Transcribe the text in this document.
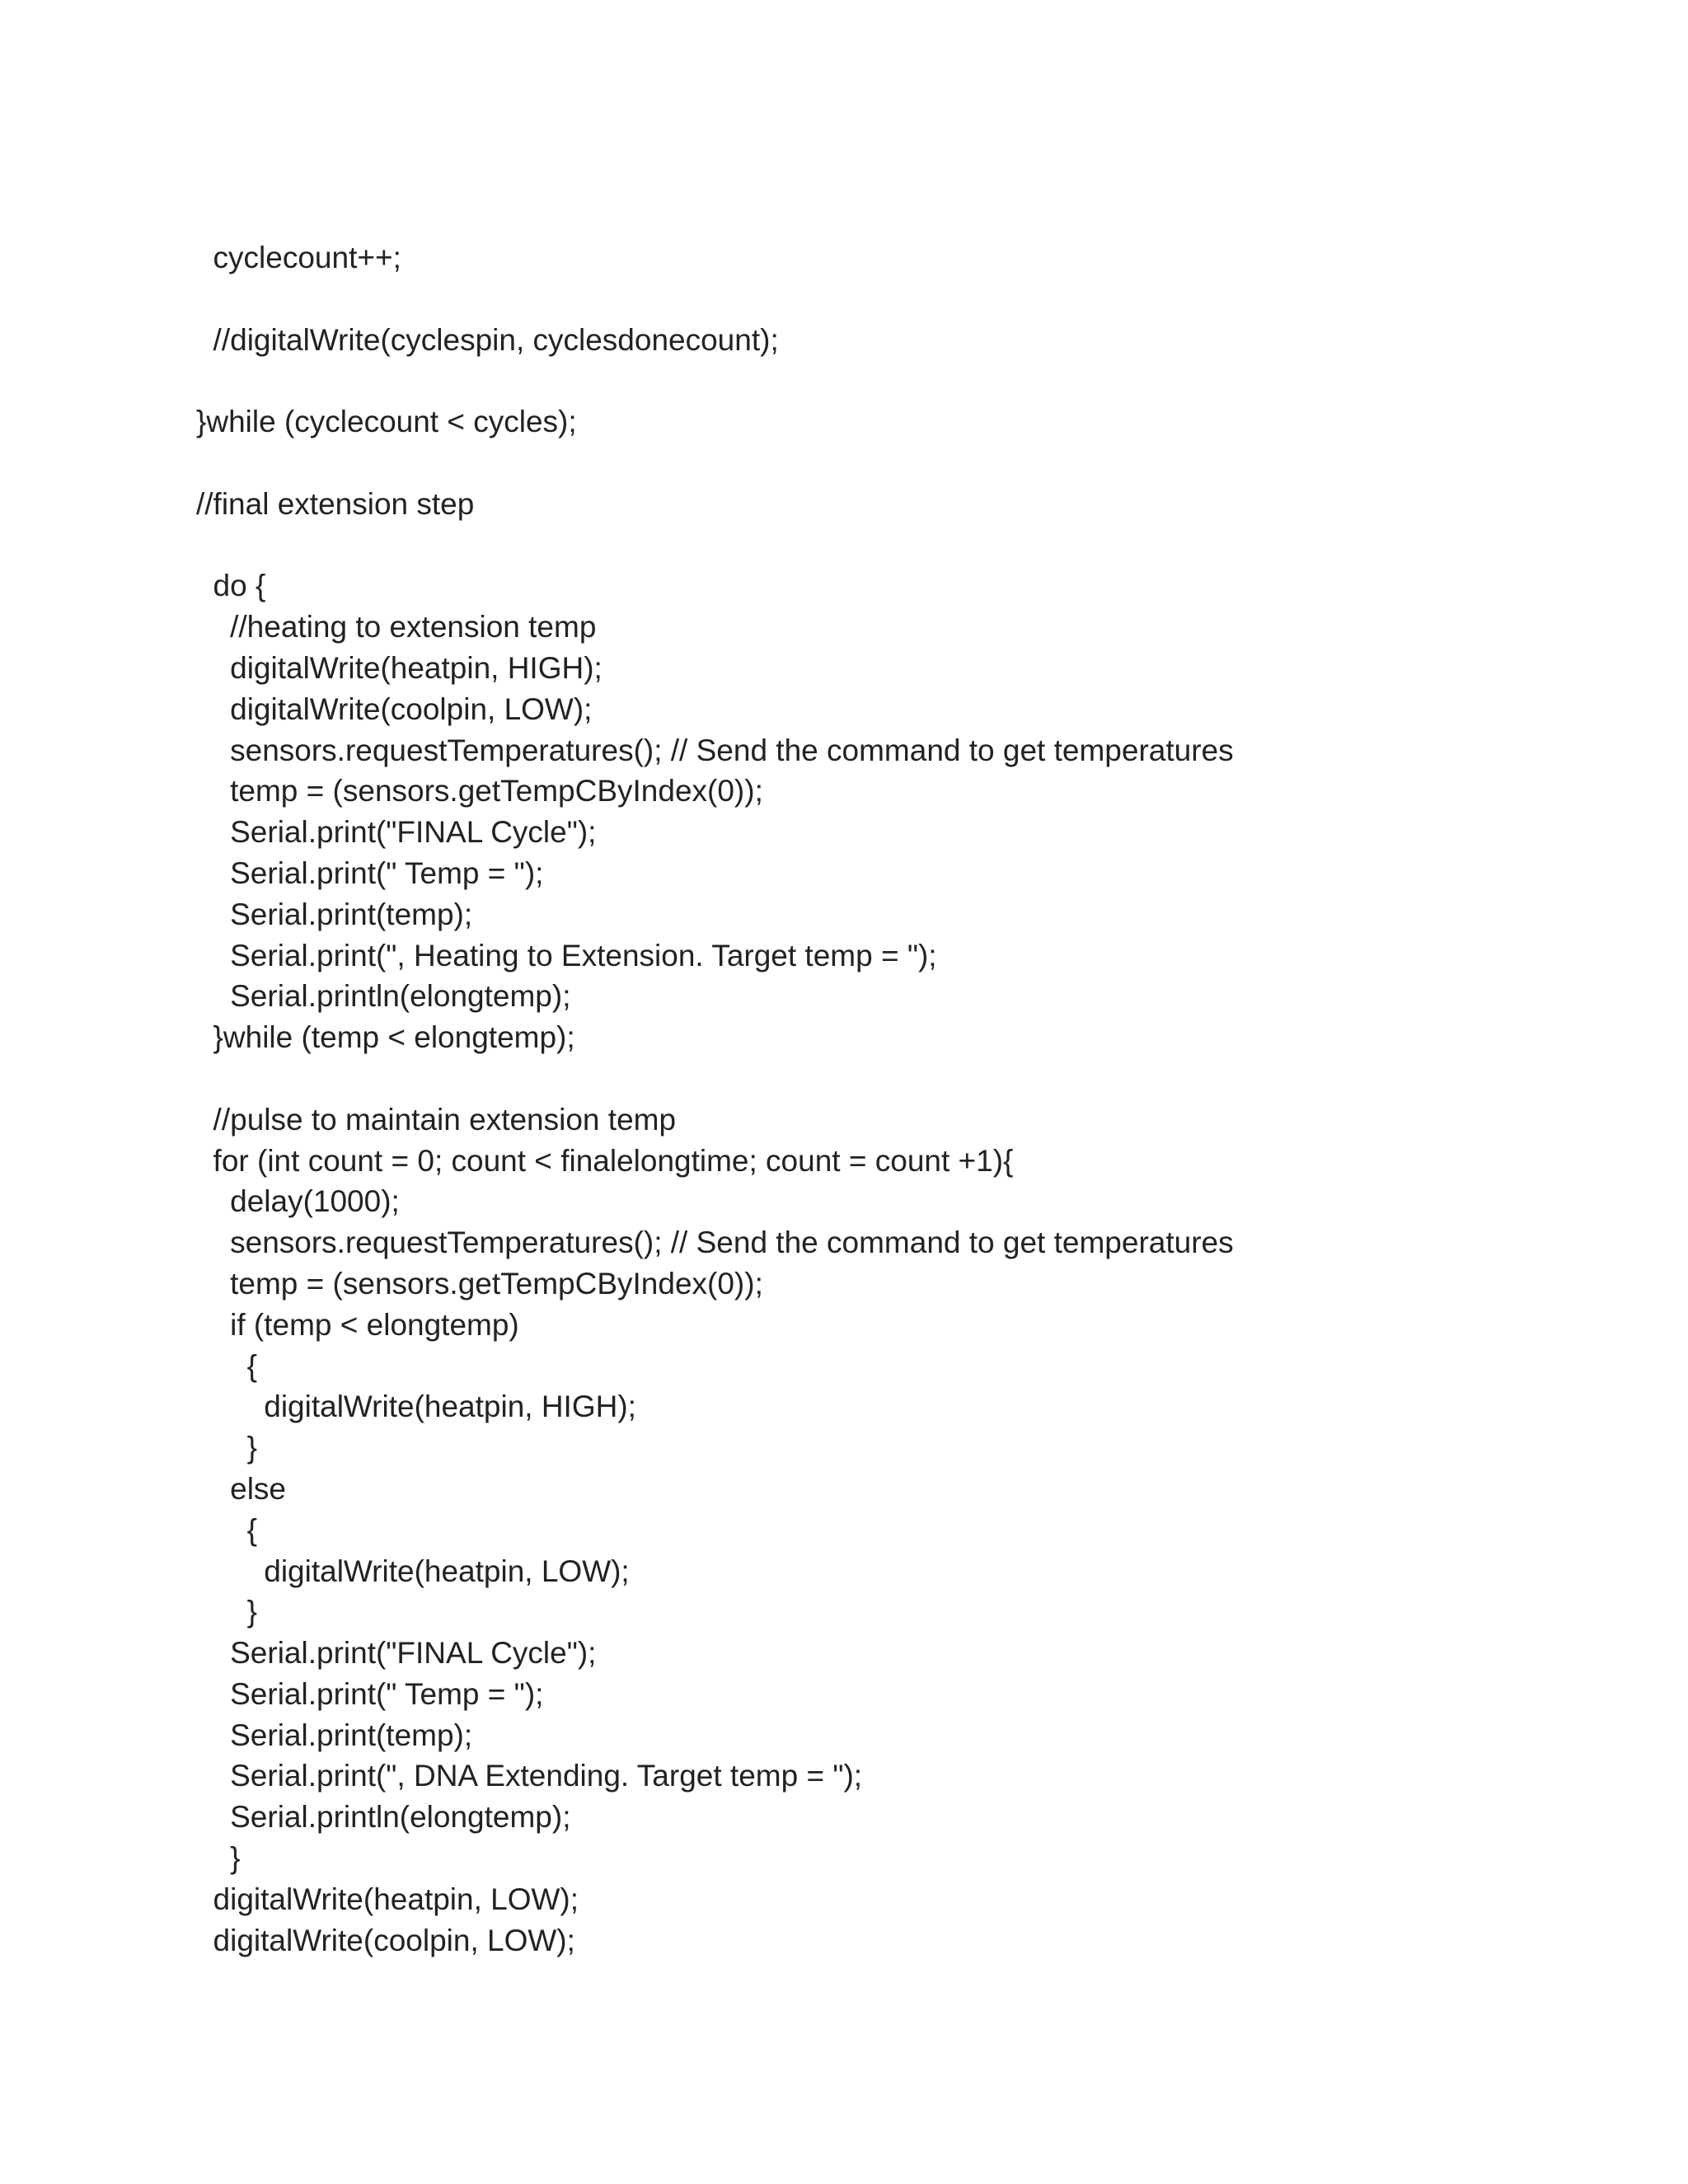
cyclecount++;
//digitalWrite(cyclespin, cyclesdonecount);
}while (cyclecount < cycles);
//final extension step
do {
//heating to extension temp
digitalWrite(heatpin, HIGH);
digitalWrite(coolpin, LOW);
sensors.requestTemperatures(); // Send the command to get temperatures
temp = (sensors.getTempCByIndex(0));
Serial.print("FINAL Cycle");
Serial.print(" Temp = ");
Serial.print(temp);
Serial.print(", Heating to Extension. Target temp = ");
Serial.println(elongtemp);
}while (temp < elongtemp);
//pulse to maintain extension temp
for (int count = 0; count < finalelongtime; count = count +1){
delay(1000);
sensors.requestTemperatures(); // Send the command to get temperatures
temp = (sensors.getTempCByIndex(0));
if (temp < elongtemp)
{
digitalWrite(heatpin, HIGH);
}
else
{
digitalWrite(heatpin, LOW);
}
Serial.print("FINAL Cycle");
Serial.print(" Temp = ");
Serial.print(temp);
Serial.print(", DNA Extending. Target temp = ");
Serial.println(elongtemp);
}
digitalWrite(heatpin, LOW);
digitalWrite(coolpin, LOW);
